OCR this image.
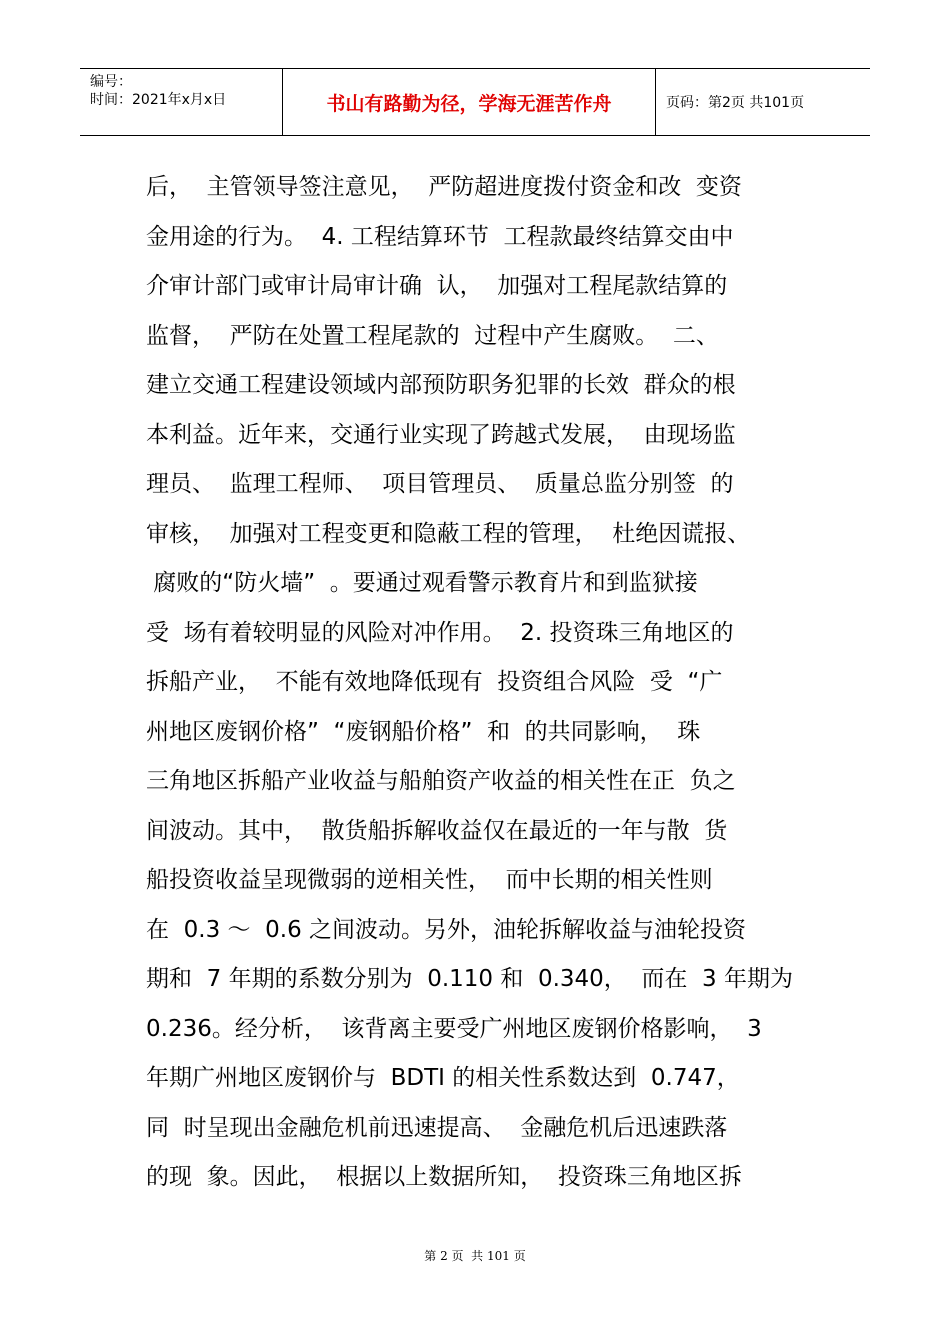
编号：
时间：2021年x月x日	书山有路勤为径，学海无涯苦作舟	页码：第2页 共101页
后，  主管领导签注意见，  严防超进度拨付资金和改  变资
金用途的行为。  4. 工程结算环节  工程款最终结算交由中
介审计部门或审计局审计确  认，  加强对工程尾款结算的
监督，  严防在处置工程尾款的  过程中产生腐败。  二、
建立交通工程建设领域内部预防职务犯罪的长效  群众的根
本利益。近年来，交通行业实现了跨越式发展，  由现场监
理员、  监理工程师、  项目管理员、  质量总监分别签  的
审核，  加强对工程变更和隐蔽工程的管理，  杜绝因谎报、
腐败的“防火墙”  。要通过观看警示教育片和到监狱接
受  场有着较明显的风险对冲作用。  2. 投资珠三角地区的
拆船产业，  不能有效地降低现有  投资组合风险  受  “广
州地区废钢价格”  “废钢船价格”  和  的共同影响，  珠
三角地区拆船产业收益与船舶资产收益的相关性在正  负之
间波动。其中，  散货船拆解收益仅在最近的一年与散  货
船投资收益呈现微弱的逆相关性，  而中长期的相关性则
在  0.3 ～  0.6 之间波动。另外，油轮拆解收益与油轮投资
期和  7 年期的系数分别为  0.110 和  0.340，  而在  3 年期为
0.236。经分析，  该背离主要受广州地区废钢价格影响，  3
年期广州地区废钢价与  BDTI 的相关性系数达到  0.747，
同  时呈现出金融危机前迅速提高、  金融危机后迅速跌落
的现  象。因此，  根据以上数据所知，  投资珠三角地区拆
第 2 页  共 101 页
